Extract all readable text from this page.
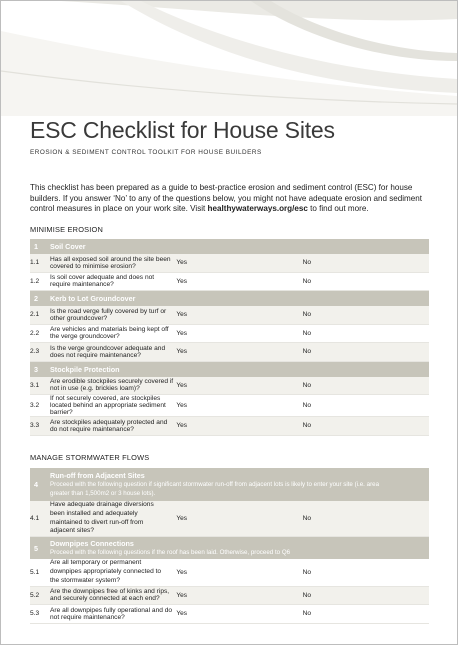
ESC Checklist for House Sites
EROSION & SEDIMENT CONTROL TOOLKIT FOR HOUSE BUILDERS

This checklist has been prepared as a guide to best-practice erosion and sediment control (ESC) for house builders. If you answer ‘No’ to any of the questions below, you might not have adequate erosion and sediment control measures in place on your work site. Visit healthywaterways.org/esc to find out more.

MINIMISE EROSION
1	Soil Cover		
1.1	Has all exposed soil around the site been covered to minimise erosion?	Yes	No
1.2	Is soil cover adequate and does not require maintenance?	Yes	No
2	Kerb to Lot Groundcover		
2.1	Is the road verge fully covered by turf or other groundcover?	Yes	No
2.2	Are vehicles and materials being kept off the verge groundcover?	Yes	No
2.3	Is the verge groundcover adequate and does not require maintenance?	Yes	No
3	Stockpile Protection		
3.1	Are erodible stockpiles securely covered if not in use (e.g. brickies loam)?	Yes	No
3.2	If not securely covered, are stockpiles located behind an appropriate sediment barrier?	Yes	No
3.3	Are stockpiles adequately protected and do not require maintenance?	Yes	No
MANAGE STORMWATER FLOWS
4	Run-off from Adjacent Sites
Proceed with the following question if significant stormwater run-off from adjacent lots is likely to enter your site (i.e. area greater than 1,500m2 or 3 house lots).		

4.1	Have adequate drainage diversions been installed and adequately maintained to divert run-off from adjacent sites?	Yes	No
5	Downpipes Connections
Proceed with the following questions if the roof has been laid. Otherwise, proceed to Q6		

5.1	Are all temporary or permanent downpipes appropriately connected to the stormwater system?	Yes	No
5.2	Are the downpipes free of kinks and rips, and securely connected at each end?	Yes	No
5.3	Are all downpipes fully operational and do not require maintenance?	Yes	No
